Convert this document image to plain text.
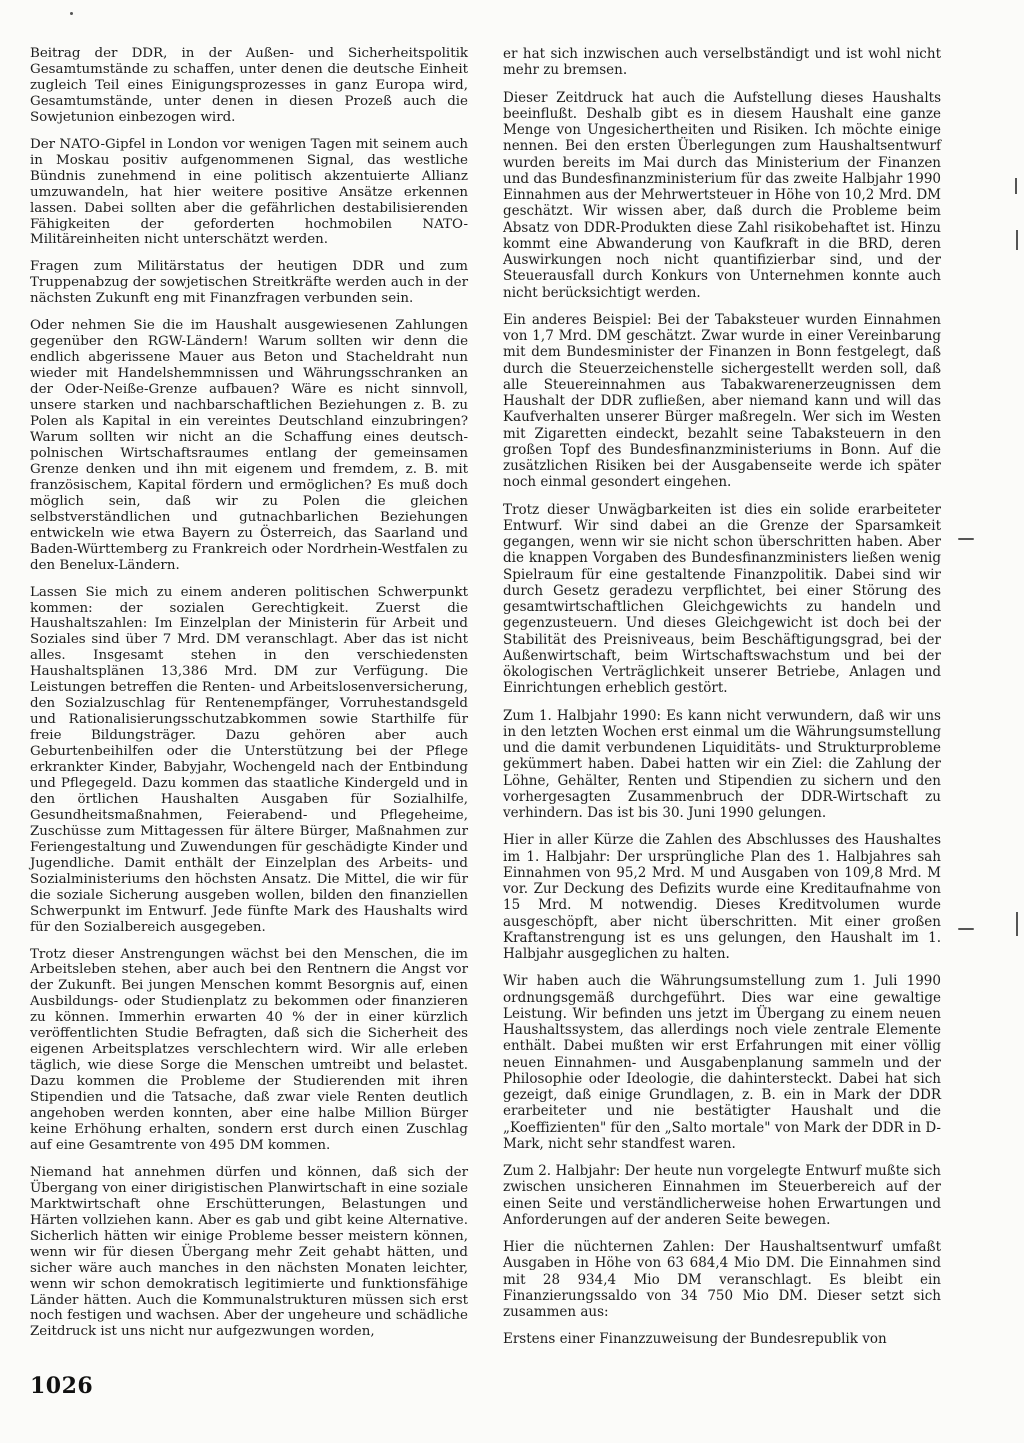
Beitrag der DDR, in der Außen- und Sicherheitspolitik Gesamtumstände zu schaffen, unter denen die deutsche Einheit zugleich Teil eines Einigungsprozesses in ganz Europa wird, Gesamtumstände, unter denen in diesen Prozeß auch die Sowjetunion einbezogen wird.

Der NATO-Gipfel in London vor wenigen Tagen mit seinem auch in Moskau positiv aufgenommenen Signal, das westliche Bündnis zunehmend in eine politisch akzentuierte Allianz umzuwandeln, hat hier weitere positive Ansätze erkennen lassen. Dabei sollten aber die gefährlichen destabilisierenden Fähigkeiten der geforderten hochmobilen NATO-Militäreinheiten nicht unterschätzt werden.

Fragen zum Militärstatus der heutigen DDR und zum Truppenabzug der sowjetischen Streitkräfte werden auch in der nächsten Zukunft eng mit Finanzfragen verbunden sein.

Oder nehmen Sie die im Haushalt ausgewiesenen Zahlungen gegenüber den RGW-Ländern! Warum sollten wir denn die endlich abgerissene Mauer aus Beton und Stacheldraht nun wieder mit Handelshemmnissen und Währungsschranken an der Oder-Neiße-Grenze aufbauen? Wäre es nicht sinnvoll, unsere starken und nachbarschaftlichen Beziehungen z. B. zu Polen als Kapital in ein vereintes Deutschland einzubringen? Warum sollten wir nicht an die Schaffung eines deutsch-polnischen Wirtschaftsraumes entlang der gemeinsamen Grenze denken und ihn mit eigenem und fremdem, z. B. mit französischem, Kapital fördern und ermöglichen? Es muß doch möglich sein, daß wir zu Polen die gleichen selbstverständlichen und gutnachbarlichen Beziehungen entwickeln wie etwa Bayern zu Österreich, das Saarland und Baden-Württemberg zu Frankreich oder Nordrhein-Westfalen zu den Benelux-Ländern.

Lassen Sie mich zu einem anderen politischen Schwerpunkt kommen: der sozialen Gerechtigkeit. Zuerst die Haushaltszahlen: Im Einzelplan der Ministerin für Arbeit und Soziales sind über 7 Mrd. DM veranschlagt. Aber das ist nicht alles. Insgesamt stehen in den verschiedensten Haushaltsplänen 13,386 Mrd. DM zur Verfügung. Die Leistungen betreffen die Renten- und Arbeitslosenversicherung, den Sozialzuschlag für Rentenempfänger, Vorruhestandsgeld und Rationalisierungsschutzabkommen sowie Starthilfe für freie Bildungsträger. Dazu gehören aber auch Geburtenbeihilfen oder die Unterstützung bei der Pflege erkrankter Kinder, Babyjahr, Wochengeld nach der Entbindung und Pflegegeld. Dazu kommen das staatliche Kindergeld und in den örtlichen Haushalten Ausgaben für Sozialhilfe, Gesundheitsmaßnahmen, Feierabend- und Pflegeheime, Zuschüsse zum Mittagessen für ältere Bürger, Maßnahmen zur Feriengestaltung und Zuwendungen für geschädigte Kinder und Jugendliche. Damit enthält der Einzelplan des Arbeits- und Sozialministeriums den höchsten Ansatz. Die Mittel, die wir für die soziale Sicherung ausgeben wollen, bilden den finanziellen Schwerpunkt im Entwurf. Jede fünfte Mark des Haushalts wird für den Sozialbereich ausgegeben.

Trotz dieser Anstrengungen wächst bei den Menschen, die im Arbeitsleben stehen, aber auch bei den Rentnern die Angst vor der Zukunft. Bei jungen Menschen kommt Besorgnis auf, einen Ausbildungs- oder Studienplatz zu bekommen oder finanzieren zu können. Immerhin erwarten 40 % der in einer kürzlich veröffentlichten Studie Befragten, daß sich die Sicherheit des eigenen Arbeitsplatzes verschlechtern wird. Wir alle erleben täglich, wie diese Sorge die Menschen umtreibt und belastet. Dazu kommen die Probleme der Studierenden mit ihren Stipendien und die Tatsache, daß zwar viele Renten deutlich angehoben werden konnten, aber eine halbe Million Bürger keine Erhöhung erhalten, sondern erst durch einen Zuschlag auf eine Gesamtrente von 495 DM kommen.

Niemand hat annehmen dürfen und können, daß sich der Übergang von einer dirigistischen Planwirtschaft in eine soziale Marktwirtschaft ohne Erschütterungen, Belastungen und Härten vollziehen kann. Aber es gab und gibt keine Alternative. Sicherlich hätten wir einige Probleme besser meistern können, wenn wir für diesen Übergang mehr Zeit gehabt hätten, und sicher wäre auch manches in den nächsten Monaten leichter, wenn wir schon demokratisch legitimierte und funktionsfähige Länder hätten. Auch die Kommunalstrukturen müssen sich erst noch festigen und wachsen. Aber der ungeheure und schädliche Zeitdruck ist uns nicht nur aufgezwungen worden,

er hat sich inzwischen auch verselbständigt und ist wohl nicht mehr zu bremsen.

Dieser Zeitdruck hat auch die Aufstellung dieses Haushalts beeinflußt. Deshalb gibt es in diesem Haushalt eine ganze Menge von Ungesichertheiten und Risiken. Ich möchte einige nennen. Bei den ersten Überlegungen zum Haushaltsentwurf wurden bereits im Mai durch das Ministerium der Finanzen und das Bundesfinanzministerium für das zweite Halbjahr 1990 Einnahmen aus der Mehrwertsteuer in Höhe von 10,2 Mrd. DM geschätzt. Wir wissen aber, daß durch die Probleme beim Absatz von DDR-Produkten diese Zahl risikobehaftet ist. Hinzu kommt eine Abwanderung von Kaufkraft in die BRD, deren Auswirkungen noch nicht quantifizierbar sind, und der Steuerausfall durch Konkurs von Unternehmen konnte auch nicht berücksichtigt werden.

Ein anderes Beispiel: Bei der Tabaksteuer wurden Einnahmen von 1,7 Mrd. DM geschätzt. Zwar wurde in einer Vereinbarung mit dem Bundesminister der Finanzen in Bonn festgelegt, daß durch die Steuerzeichenstelle sichergestellt werden soll, daß alle Steuereinnahmen aus Tabakwarenerzeugnissen dem Haushalt der DDR zufließen, aber niemand kann und will das Kaufverhalten unserer Bürger maßregeln. Wer sich im Westen mit Zigaretten eindeckt, bezahlt seine Tabaksteuern in den großen Topf des Bundesfinanzministeriums in Bonn. Auf die zusätzlichen Risiken bei der Ausgabenseite werde ich später noch einmal gesondert eingehen.

Trotz dieser Unwägbarkeiten ist dies ein solide erarbeiteter Entwurf. Wir sind dabei an die Grenze der Sparsamkeit gegangen, wenn wir sie nicht schon überschritten haben. Aber die knappen Vorgaben des Bundesfinanzministers ließen wenig Spielraum für eine gestaltende Finanzpolitik. Dabei sind wir durch Gesetz geradezu verpflichtet, bei einer Störung des gesamtwirtschaftlichen Gleichgewichts zu handeln und gegenzusteuern. Und dieses Gleichgewicht ist doch bei der Stabilität des Preisniveaus, beim Beschäftigungsgrad, bei der Außenwirtschaft, beim Wirtschaftswachstum und bei der ökologischen Verträglichkeit unserer Betriebe, Anlagen und Einrichtungen erheblich gestört.

Zum 1. Halbjahr 1990: Es kann nicht verwundern, daß wir uns in den letzten Wochen erst einmal um die Währungsumstellung und die damit verbundenen Liquiditäts- und Strukturprobleme gekümmert haben. Dabei hatten wir ein Ziel: die Zahlung der Löhne, Gehälter, Renten und Stipendien zu sichern und den vorhergesagten Zusammenbruch der DDR-Wirtschaft zu verhindern. Das ist bis 30. Juni 1990 gelungen.

Hier in aller Kürze die Zahlen des Abschlusses des Haushaltes im 1. Halbjahr: Der ursprüngliche Plan des 1. Halbjahres sah Einnahmen von 95,2 Mrd. M und Ausgaben von 109,8 Mrd. M vor. Zur Deckung des Defizits wurde eine Kreditaufnahme von 15 Mrd. M notwendig. Dieses Kreditvolumen wurde ausgeschöpft, aber nicht überschritten. Mit einer großen Kraftanstrengung ist es uns gelungen, den Haushalt im 1. Halbjahr ausgeglichen zu halten.

Wir haben auch die Währungsumstellung zum 1. Juli 1990 ordnungsgemäß durchgeführt. Dies war eine gewaltige Leistung. Wir befinden uns jetzt im Übergang zu einem neuen Haushaltssystem, das allerdings noch viele zentrale Elemente enthält. Dabei mußten wir erst Erfahrungen mit einer völlig neuen Einnahmen- und Ausgabenplanung sammeln und der Philosophie oder Ideologie, die dahintersteckt. Dabei hat sich gezeigt, daß einige Grundlagen, z. B. ein in Mark der DDR erarbeiteter und nie bestätigter Haushalt und die „Koeffizienten" für den „Salto mortale" von Mark der DDR in D-Mark, nicht sehr standfest waren.

Zum 2. Halbjahr: Der heute nun vorgelegte Entwurf mußte sich zwischen unsicheren Einnahmen im Steuerbereich auf der einen Seite und verständlicherweise hohen Erwartungen und Anforderungen auf der anderen Seite bewegen.

Hier die nüchternen Zahlen: Der Haushaltsentwurf umfaßt Ausgaben in Höhe von 63 684,4 Mio DM. Die Einnahmen sind mit 28 934,4 Mio DM veranschlagt. Es bleibt ein Finanzierungssaldo von 34 750 Mio DM. Dieser setzt sich zusammen aus:

Erstens einer Finanzzuweisung der Bundesrepublik von

1026
